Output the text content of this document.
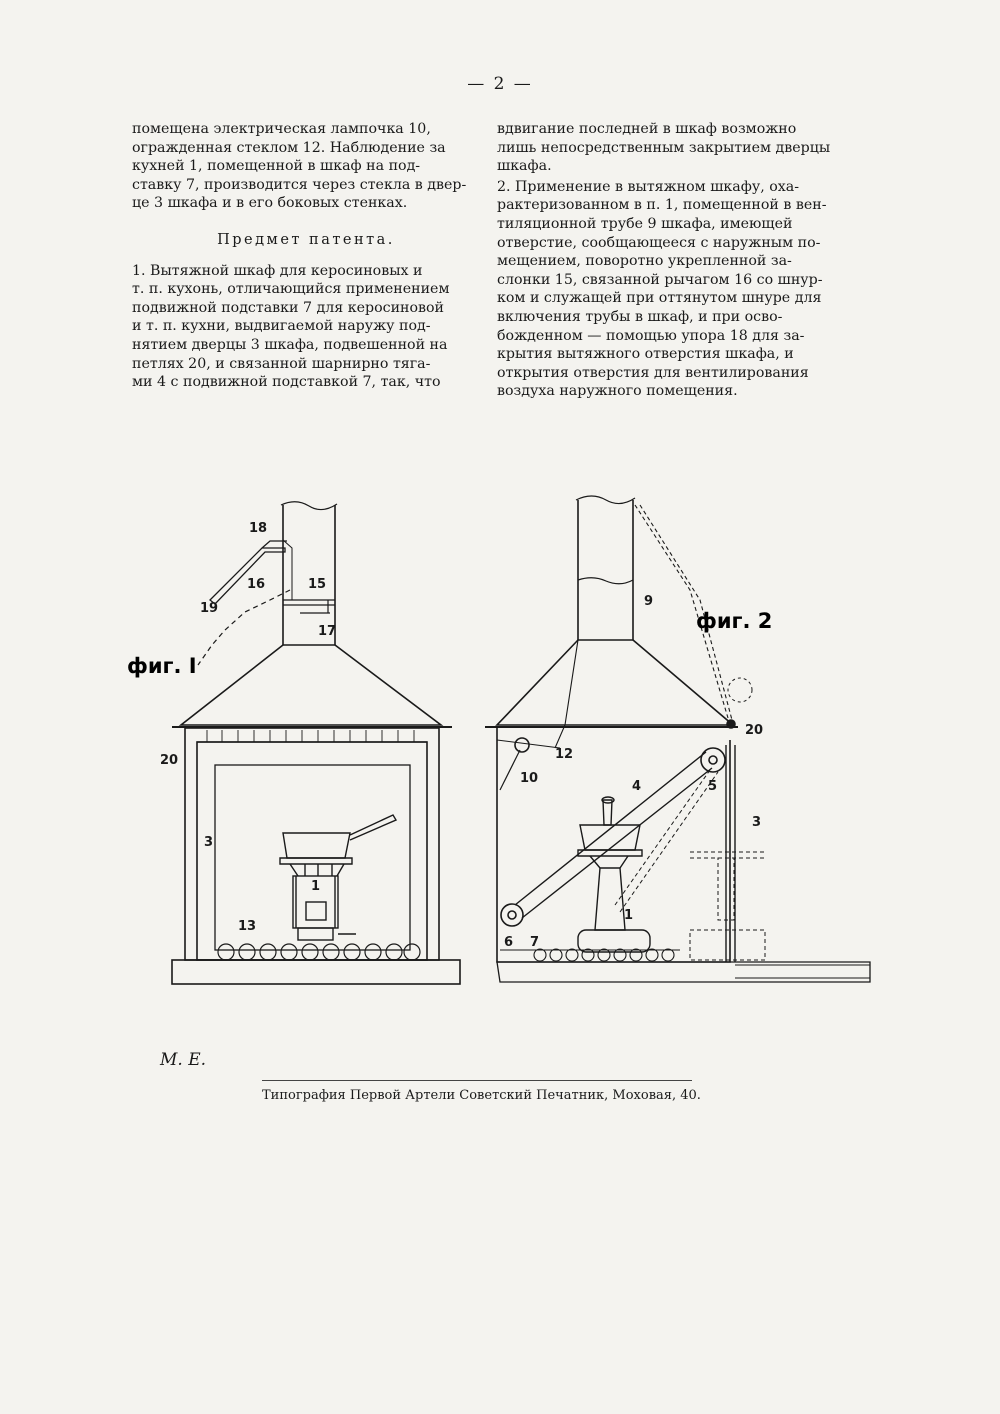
— 2 —
помещена электрическая лампочка 10,
огражденная стеклом 12. Наблюдение за
кухней 1, помещенной в шкаф на под-
ставку 7, производится через стекла в двер-
це 3 шкафа и в его боковых стенках.
Предмет патента.
1. Вытяжной шкаф для керосиновых и
т. п. кухонь, отличающийся применением
подвижной подставки 7 для керосиновой
и т. п. кухни, выдвигаемой наружу под-
нятием дверцы 3 шкафа, подвешенной на
петлях 20, и связанной шарнирно тяга-
ми 4 с подвижной подставкой 7, так, что
вдвигание последней в шкаф возможно
лишь непосредственным закрытием дверцы
шкафа.
2. Применение в вытяжном шкафу, оха-
рактеризованном в п. 1, помещенной в вен-
тиляционной трубе 9 шкафа, имеющей
отверстие, сообщающееся с наружным по-
мещением, поворотно укрепленной за-
слонки 15, связанной рычагом 16 со шнур-
ком и служащей при оттянутом шнуре для
включения трубы в шкаф, и при осво-
божденном — помощью упора 18 для за-
крытия вытяжного отверстия шкафа, и
открытия отверстия для вентилирования
воздуха наружного помещения.
фиг. I
18
16	15
19
17
20
3
1
13
фиг. 2
9
20
12
10
4	5
3
1
6 7
М. Е.
Типография Первой Артели Советский Печатник, Моховая, 40.
